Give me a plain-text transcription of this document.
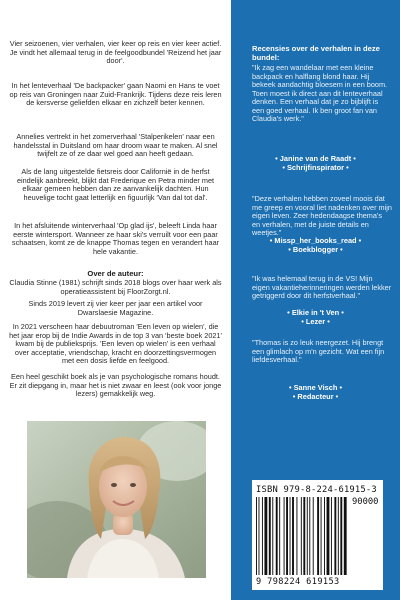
Vier seizoenen, vier verhalen, vier keer op reis en vier keer actief. Je vindt het allemaal terug in de feelgoodbundel 'Reizend het jaar door'.

In het lenteverhaal 'De backpacker' gaan Naomi en Hans te voet op reis van Groningen naar Zuid-Frankrijk. Tijdens deze reis leren de kersverse geliefden elkaar en zichzelf beter kennen.

Annelies vertrekt in het zomerverhaal 'Stalperikelen' naar een handelsstal in Duitsland om haar droom waar te maken. Al snel twijfelt ze of ze daar wel goed aan heeft gedaan.

Als de lang uitgestelde fietsreis door Californië in de herfst eindelijk aanbreekt, blijkt dat Frederique en Petra minder met elkaar gemeen hebben dan ze aanvankelijk dachten. Hun heuvelige tocht gaat letterlijk en figuurlijk 'Van dal tot dal'.

In het afsluitende winterverhaal 'Op glad ijs', beleeft Linda haar eerste wintersport. Wanneer ze haar ski's verruilt voor een paar schaatsen, komt ze de knappe Thomas tegen en verandert haar hele vakantie.

Over de auteur:

Claudia Stinne (1981) schrijft sinds 2018 blogs over haar werk als operatieassistent bij FloorZorgt.nl.

Sinds 2019 levert zij vier keer per jaar een artikel voor Dwarslaesie Magazine.

In 2021 verscheen haar debuutroman 'Een leven op wielen', die het jaar erop bij de Indie Awards in de top 3 van 'beste boek 2021' kwam bij de publieksprijs. 'Een leven op wielen' is een verhaal over acceptatie, vriendschap, kracht en doorzettingsvermogen met een dosis liefde en feelgood.

Een heel geschikt boek als je van psychologische romans houdt. Er zit diepgang in, maar het is niet zwaar en leest (ook voor jonge lezers) gemakkelijk weg.

Recensies over de verhalen in deze bundel:

"Ik zag een wandelaar met een kleine backpack en halflang blond haar. Hij bekeek aandachtig bloesem in een boom. Toen moest ik direct aan dit lenteverhaal denken. Een verhaal dat je zo bijblijft is een goed verhaal. Ik ben groot fan van Claudia's werk."

• Janine van de Raadt •

• Schrijfinspirator •

"Deze verhalen hebben zoveel moois dat me greep en vooral liet nadenken over mijn eigen leven. Zeer hedendaagse thema's en verhalen, met de juiste details en weetjes."

• Missp_her_books_read •

• Boekblogger •

"Ik was helemaal terug in de VS! Mijn eigen vakantieherinneringen werden lekker getriggerd door dit herfstverhaal."

• Elkie in 't Ven •

• Lezer •

"Thomas is zo leuk neergezet. Hij brengt een glimlach op m'n gezicht. Wat een fijn liefdesverhaal."

• Sanne Visch •

• Redacteur •

ISBN 979-8-224-61915-3

90000

9 798224 619153
